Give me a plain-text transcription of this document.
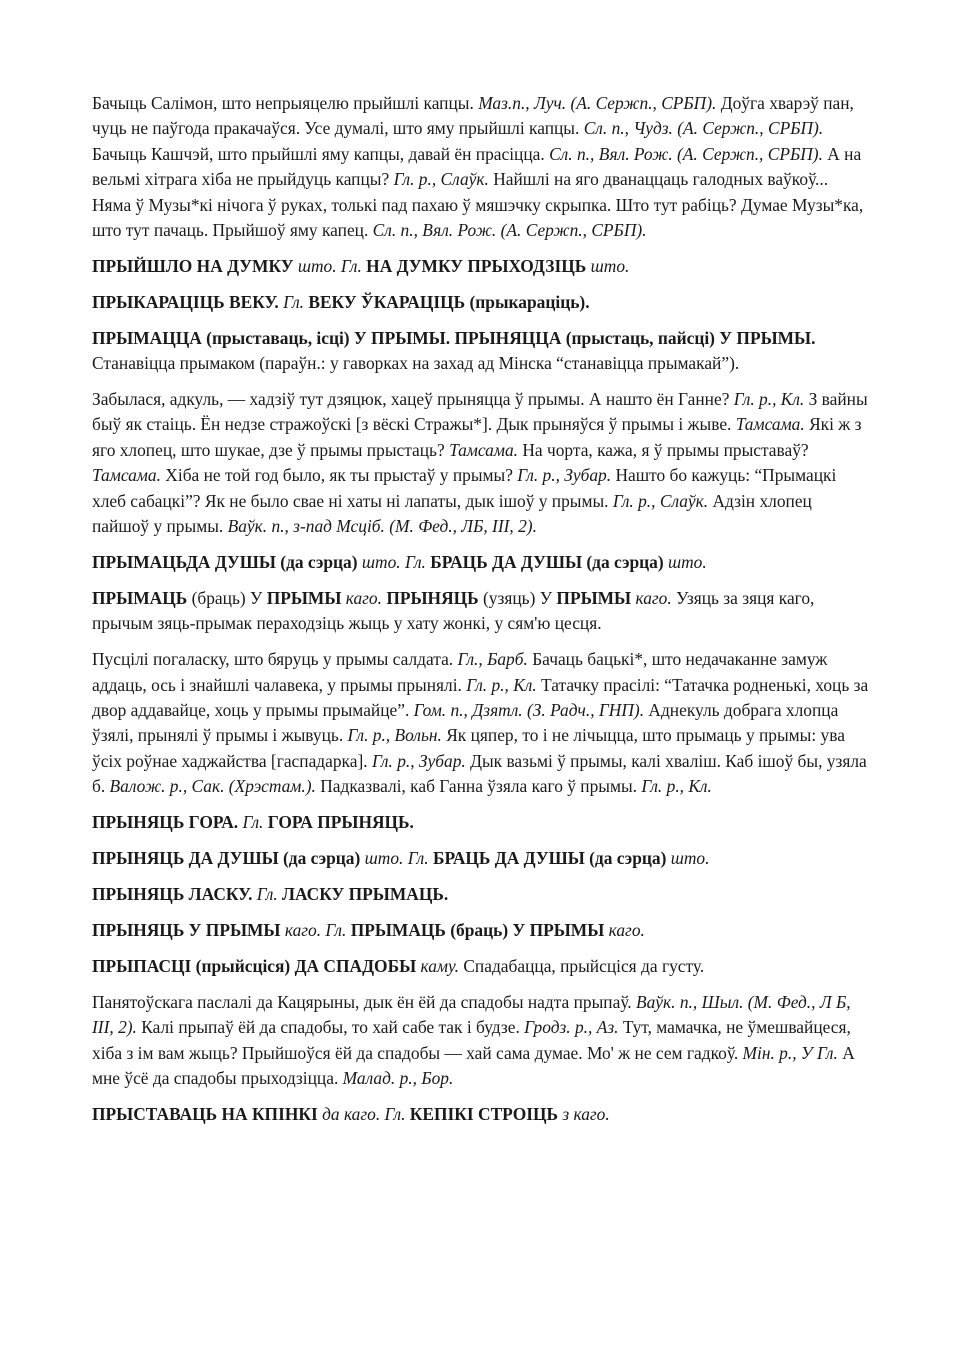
Бачыць Салімон, што непрыяцелю прыйшлі капцы. Маз.п., Луч. (А. Сержп., СРБП). Доўга хварэў пан, чуць не паўгода пракачаўся. Усе думалі, што яму прыйшлі капцы. Сл. п., Чудз. (А. Сержп., СРБП). Бачыць Кашчэй, што прыйшлі яму капцы, давай ён прасіцца. Сл. п., Вял. Рож. (А. Сержп., СРБП). А на вельмі хітрага хіба не прыйдуць капцы? Гл. р., Слаўк. Найшлі на яго дванаццаць галодных ваўкоў... Няма ў Музы*кі нічога ў руках, толькі пад пахаю ў мяшэчку скрыпка. Што тут рабіць? Думае Музы*ка, што тут пачаць. Прыйшоў яму капец. Сл. п., Вял. Рож. (А. Сержп., СРБП).

ПРЫЙШЛО НА ДУМКУ што. Гл. НА ДУМКУ ПРЫХОДЗІЦЬ што.

ПРЫКАРАЦІЦЬ ВЕКУ. Гл. ВЕКУ ЎКАРАЦІЦЬ (прыкараціць).

ПРЫМАЦЦА (прыставаць, ісці) У ПРЫМЫ. ПРЫНЯЦЦА (прыстаць, пайсці) У ПРЫМЫ. Станавіцца прымаком (параўн.: у гаворках на захад ад Мінска “станавіцца прымакай”).

Забылася, адкуль, — хадзіў тут дзяцюк, хацеў прыняцца ў прымы. А нашто ён Ганне? Гл. р., Кл. З вайны быў як стаіць. Ён недзе стражоўскі [з вёскі Стражы*]. Дык прыняўся ў прымы і жыве. Тамсама. Які ж з яго хлопец, што шукае, дзе ў прымы прыстаць? Тамсама. На чорта, кажа, я ў прымы прыставаў? Тамсама. Хіба не той год было, як ты прыстаў у прымы? Гл. р., Зубар. Нашто бо кажуць: “Прымацкі хлеб сабацкі”? Як не было свае ні хаты ні лапаты, дык ішоў у прымы. Гл. р., Слаўк. Адзін хлопец пайшоў у прымы. Ваўк. п., з-пад Мсціб. (М. Фед., ЛБ, III, 2).

ПРЫМАЦЬДА ДУШЫ (да сэрца) што. Гл. БРАЦЬ ДА ДУШЫ (да сэрца) што.

ПРЫМАЦЬ (браць) У ПРЫМЫ каго. ПРЫНЯЦЬ (узяць) У ПРЫМЫ каго. Узяць за зяця каго, прычым зяць-прымак пераходзіць жыць у хату жонкі, у сям'ю цесця.

Пусцілі погаласку, што бяруць у прымы салдата. Гл., Барб. Бачаць бацькі*, што недачаканне замуж аддаць, ось і знайшлі чалавека, у прымы прынялі. Гл. р., Кл. Татачку прасілі: “Татачка родненькі, хоць за двор аддавайце, хоць у прымы прымайце”. Гом. п., Дзятл. (З. Радч., ГНП). Аднекуль добрага хлопца ўзялі, прынялі ў прымы і жывуць. Гл. р., Вольн. Як цяпер, то і не лічыцца, што прымаць у прымы: ува ўсіх роўнае хаджайства [гаспадарка]. Гл. р., Зубар. Дык вазьмі ў прымы, калі хваліш. Каб ішоў бы, узяла б. Валож. р., Сак. (Хрэстам.). Падказвалі, каб Ганна ўзяла каго ў прымы. Гл. р., Кл.

ПРЫНЯЦЬ ГОРА. Гл. ГОРА ПРЫНЯЦЬ.

ПРЫНЯЦЬ ДА ДУШЫ (да сэрца) што. Гл. БРАЦЬ ДА ДУШЫ (да сэрца) што.

ПРЫНЯЦЬ ЛАСКУ. Гл. ЛАСКУ ПРЫМАЦЬ.

ПРЫНЯЦЬ У ПРЫМЫ каго. Гл. ПРЫМАЦЬ (браць) У ПРЫМЫ каго.

ПРЫПАСЦІ (прыйсціся) ДА СПАДОБЫ каму. Спадабацца, прыйсціся да густу.

Панятоўскага паслалі да Кацярыны, дык ён ёй да спадобы надта прыпаў. Ваўк. п., Шыл. (М. Фед., Л Б, III, 2). Калі прыпаў ёй да спадобы, то хай сабе так і будзе. Гродз. р., Аз. Тут, мамачка, не ўмешвайцеся, хіба з ім вам жыць? Прыйшоўся ёй да спадобы — хай сама думае. Мо' ж не сем гадкоў. Мін. р., У Гл. А мне ўсё да спадобы прыходзіцца. Малад. р., Бор.

ПРЫСТАВАЦЬ НА КПІНКІ да каго. Гл. КЕПІКІ СТРОІЦЬ з каго.
